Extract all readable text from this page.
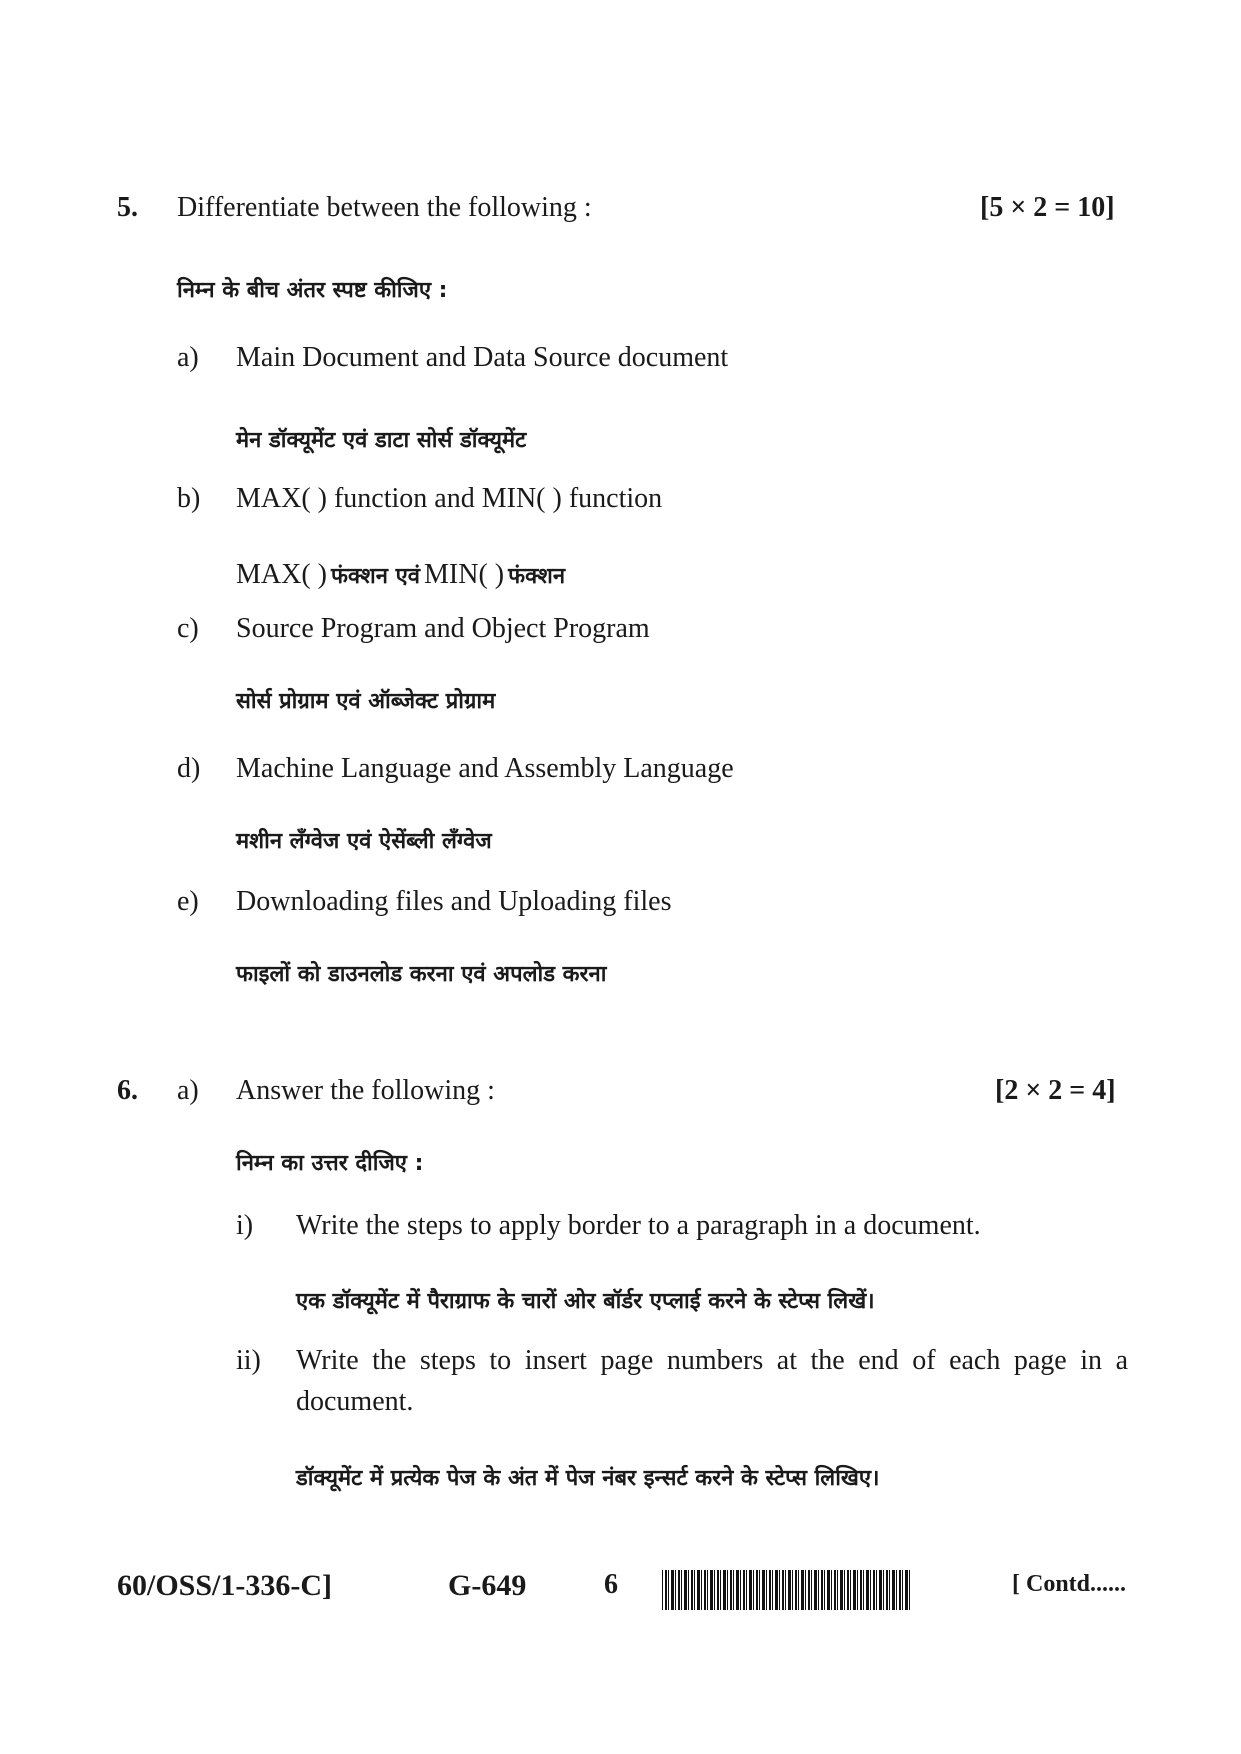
5. Differentiate between the following :	[5 × 2 = 10]
निम्न के बीच अंतर स्पष्ट कीजिए :
a) Main Document and Data Source document
मेन डॉक्यूमेंट एवं डाटा सोर्स डॉक्यूमेंट
b) MAX( ) function and MIN( ) function
MAX( ) फंक्शन एवं MIN( ) फंक्शन
c) Source Program and Object Program
सोर्स प्रोग्राम एवं ऑब्जेक्ट प्रोग्राम
d) Machine Language and Assembly Language
मशीन लँग्वेज एवं ऐसेंब्ली लँग्वेज
e) Downloading files and Uploading files
फाइलों को डाउनलोड करना एवं अपलोड करना
6. a) Answer the following :	[2 × 2 = 4]
निम्न का उत्तर दीजिए :
i) Write the steps to apply border to a paragraph in a document.
एक डॉक्यूमेंट में पैराग्राफ के चारों ओर बॉर्डर एप्लाई करने के स्टेप्स लिखें।
ii) Write the steps to insert page numbers at the end of each page in a
document.
डॉक्यूमेंट में प्रत्येक पेज के अंत में पेज नंबर इन्सर्ट करने के स्टेप्स लिखिए।
60/OSS/1-336-C]	G-649	6	[ Contd......
